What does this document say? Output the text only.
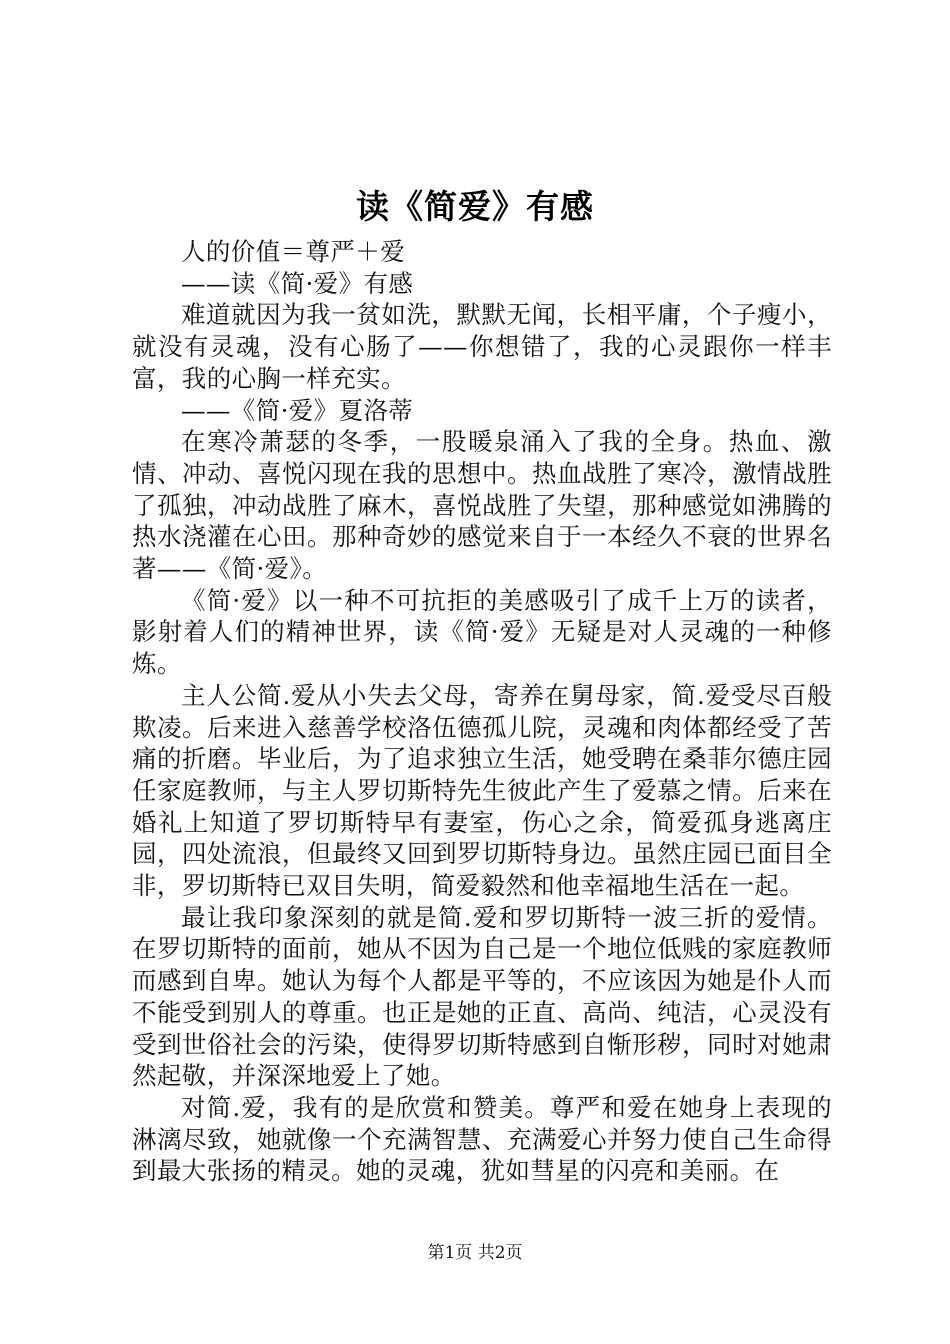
读《简爱》有感

人的价值＝尊严＋爱

——读《简·爱》有感

难道就因为我一贫如洗，默默无闻，长相平庸，个子瘦小，就没有灵魂，没有心肠了——你想错了，我的心灵跟你一样丰富，我的心胸一样充实。

——《简·爱》夏洛蒂

在寒冷萧瑟的冬季，一股暖泉涌入了我的全身。热血、激情、冲动、喜悦闪现在我的思想中。热血战胜了寒冷，激情战胜了孤独，冲动战胜了麻木，喜悦战胜了失望，那种感觉如沸腾的热水浇灌在心田。那种奇妙的感觉来自于一本经久不衰的世界名著——《简·爱》。

《简·爱》以一种不可抗拒的美感吸引了成千上万的读者，影射着人们的精神世界，读《简·爱》无疑是对人灵魂的一种修炼。

主人公简.爱从小失去父母，寄养在舅母家，简.爱受尽百般欺凌。后来进入慈善学校洛伍德孤儿院，灵魂和肉体都经受了苦痛的折磨。毕业后，为了追求独立生活，她受聘在桑菲尔德庄园任家庭教师，与主人罗切斯特先生彼此产生了爱慕之情。后来在婚礼上知道了罗切斯特早有妻室，伤心之余，简爱孤身逃离庄园，四处流浪，但最终又回到罗切斯特身边。虽然庄园已面目全非，罗切斯特已双目失明，简爱毅然和他幸福地生活在一起。

最让我印象深刻的就是简.爱和罗切斯特一波三折的爱情。在罗切斯特的面前，她从不因为自己是一个地位低贱的家庭教师而感到自卑。她认为每个人都是平等的，不应该因为她是仆人而不能受到别人的尊重。也正是她的正直、高尚、纯洁，心灵没有受到世俗社会的污染，使得罗切斯特感到自惭形秽，同时对她肃然起敬，并深深地爱上了她。

对简.爱，我有的是欣赏和赞美。尊严和爱在她身上表现的淋漓尽致，她就像一个充满智慧、充满爱心并努力使自己生命得到最大张扬的精灵。她的灵魂，犹如彗星的闪亮和美丽。在

第1页 共2页
